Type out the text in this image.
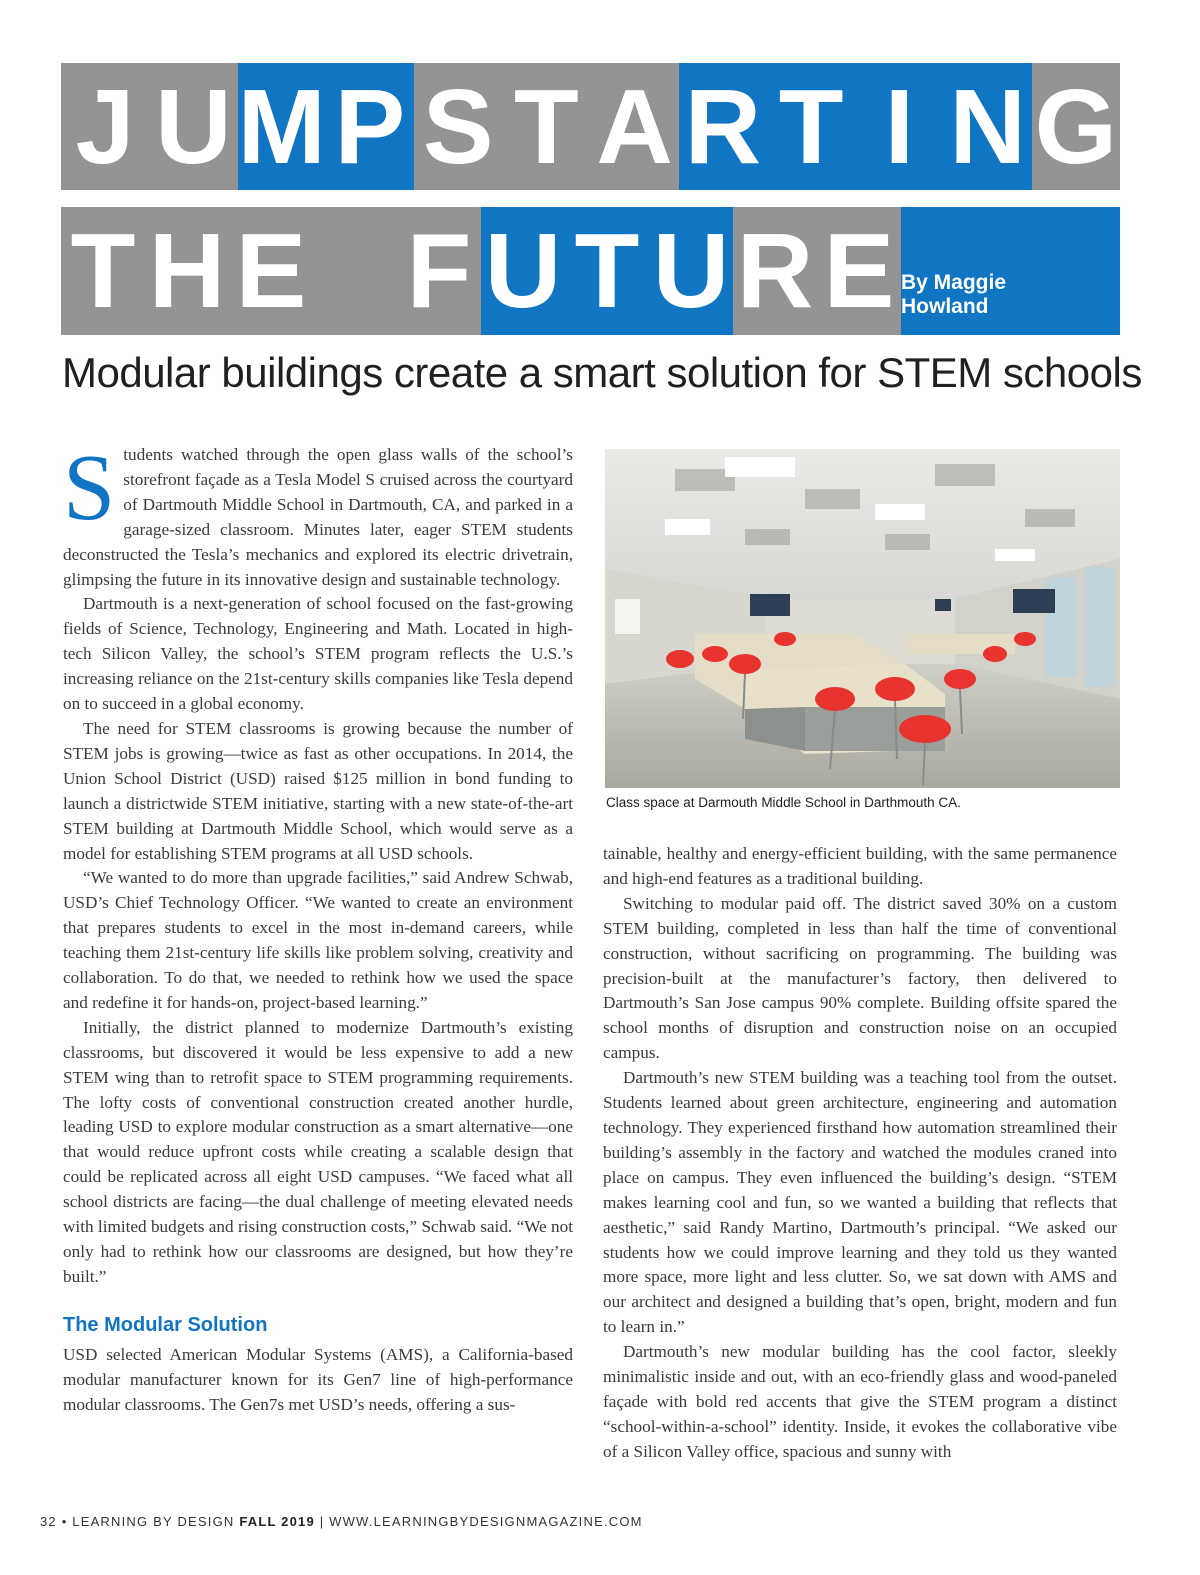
J U M P S T A R T I N G
T H E F U T U R E By Maggie Howland
Modular buildings create a smart solution for STEM schools

Students watched through the open glass walls of the school’s storefront façade as a Tesla Model S cruised across the courtyard of Dartmouth Middle School in Dartmouth, CA, and parked in a garage-sized classroom. Minutes later, eager STEM students deconstructed the Tesla’s mechanics and explored its electric drivetrain, glimpsing the future in its innovative design and sustainable technology.

Dartmouth is a next-generation of school focused on the fast-growing fields of Science, Technology, Engineering and Math. Located in high-tech Silicon Valley, the school’s STEM program reflects the U.S.’s increasing reliance on the 21st-century skills companies like Tesla depend on to succeed in a global economy.

The need for STEM classrooms is growing because the number of STEM jobs is growing—twice as fast as other occupations. In 2014, the Union School District (USD) raised $125 million in bond funding to launch a districtwide STEM initiative, starting with a new state-of-the-art STEM building at Dartmouth Middle School, which would serve as a model for establishing STEM programs at all USD schools.

“We wanted to do more than upgrade facilities,” said Andrew Schwab, USD’s Chief Technology Officer. “We wanted to create an environment that prepares students to excel in the most in-demand careers, while teaching them 21st-century life skills like problem solving, creativity and collaboration. To do that, we needed to rethink how we used the space and redefine it for hands-on, project-based learning.”

Initially, the district planned to modernize Dartmouth’s existing classrooms, but discovered it would be less expensive to add a new STEM wing than to retrofit space to STEM programming requirements. The lofty costs of conventional construction created another hurdle, leading USD to explore modular construction as a smart alternative—one that would reduce upfront costs while creating a scalable design that could be replicated across all eight USD campuses. “We faced what all school districts are facing—the dual challenge of meeting elevated needs with limited budgets and rising construction costs,” Schwab said. “We not only had to rethink how our classrooms are designed, but how they’re built.”

The Modular Solution

USD selected American Modular Systems (AMS), a California-based modular manufacturer known for its Gen7 line of high-performance modular classrooms. The Gen7s met USD’s needs, offering a sus-

Class space at Darmouth Middle School in Darthmouth CA.

tainable, healthy and energy-efficient building, with the same permanence and high-end features as a traditional building.

Switching to modular paid off. The district saved 30% on a custom STEM building, completed in less than half the time of conventional construction, without sacrificing on programming. The building was precision-built at the manufacturer’s factory, then delivered to Dartmouth’s San Jose campus 90% complete. Building offsite spared the school months of disruption and construction noise on an occupied campus.

Dartmouth’s new STEM building was a teaching tool from the outset. Students learned about green architecture, engineering and automation technology. They experienced firsthand how automation streamlined their building’s assembly in the factory and watched the modules craned into place on campus. They even influenced the building’s design. “STEM makes learning cool and fun, so we wanted a building that reflects that aesthetic,” said Randy Martino, Dartmouth’s principal. “We asked our students how we could improve learning and they told us they wanted more space, more light and less clutter. So, we sat down with AMS and our architect and designed a building that’s open, bright, modern and fun to learn in.”

Dartmouth’s new modular building has the cool factor, sleekly minimalistic inside and out, with an eco-friendly glass and wood-paneled façade with bold red accents that give the STEM program a distinct “school-within-a-school” identity. Inside, it evokes the collaborative vibe of a Silicon Valley office, spacious and sunny with

32 • LEARNING BY DESIGN FALL 2019 | WWW.LEARNINGBYDESIGNMAGAZINE.COM
